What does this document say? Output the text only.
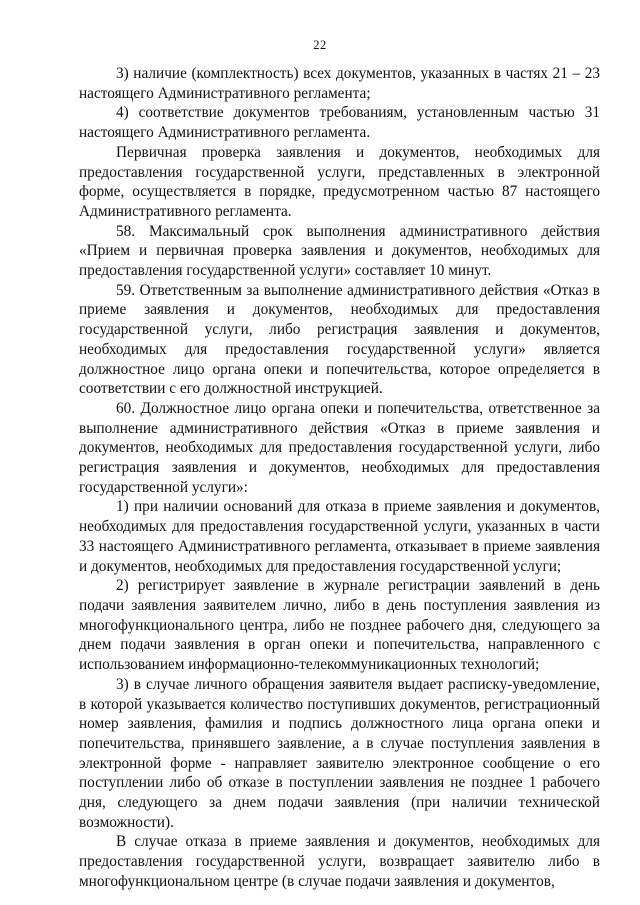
22

3) наличие (комплектность) всех документов, указанных в частях 21 – 23 настоящего Административного регламента;

4) соответствие документов требованиям, установленным частью 31 настоящего Административного регламента.

Первичная проверка заявления и документов, необходимых для предоставления государственной услуги, представленных в электронной форме, осуществляется в порядке, предусмотренном частью 87 настоящего Административного регламента.

58. Максимальный срок выполнения административного действия «Прием и первичная проверка заявления и документов, необходимых для предоставления государственной услуги» составляет 10 минут.

59. Ответственным за выполнение административного действия «Отказ в приеме заявления и документов, необходимых для предоставления государственной услуги, либо регистрация заявления и документов, необходимых для предоставления государственной услуги» является должностное лицо органа опеки и попечительства, которое определяется в соответствии с его должностной инструкцией.

60. Должностное лицо органа опеки и попечительства, ответственное за выполнение административного действия «Отказ в приеме заявления и документов, необходимых для предоставления государственной услуги, либо регистрация заявления и документов, необходимых для предоставления государственной услуги»:

1) при наличии оснований для отказа в приеме заявления и документов, необходимых для предоставления государственной услуги, указанных в части 33 настоящего Административного регламента, отказывает в приеме заявления и документов, необходимых для предоставления государственной услуги;

2) регистрирует заявление в журнале регистрации заявлений в день подачи заявления заявителем лично, либо в день поступления заявления из многофункционального центра, либо не позднее рабочего дня, следующего за днем подачи заявления в орган опеки и попечительства, направленного с использованием информационно-телекоммуникационных технологий;

3) в случае личного обращения заявителя выдает расписку-уведомление, в которой указывается количество поступивших документов, регистрационный номер заявления, фамилия и подпись должностного лица органа опеки и попечительства, принявшего заявление, а в случае поступления заявления в электронной форме - направляет заявителю электронное сообщение о его поступлении либо об отказе в поступлении заявления не позднее 1 рабочего дня, следующего за днем подачи заявления (при наличии технической возможности).

В случае отказа в приеме заявления и документов, необходимых для предоставления государственной услуги, возвращает заявителю либо в многофункциональном центре (в случае подачи заявления и документов,
